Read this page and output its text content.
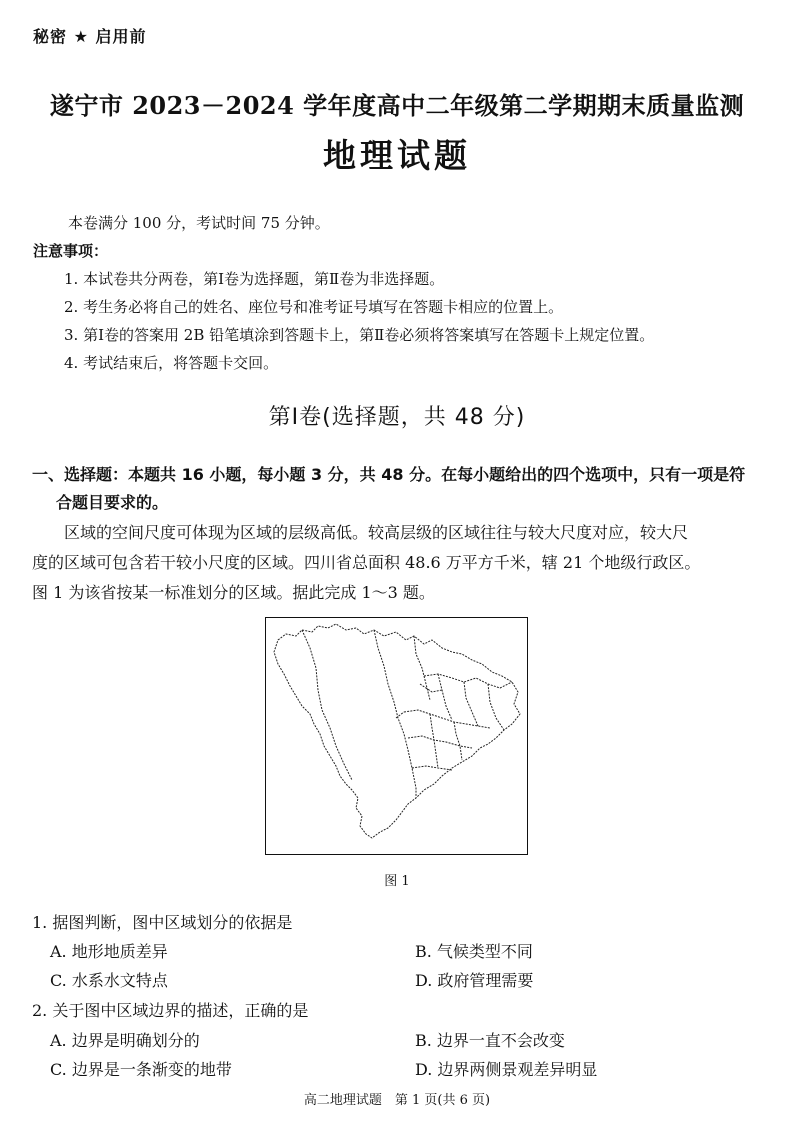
秘密 ★ 启用前
遂宁市 2023－2024 学年度高中二年级第二学期期末质量监测
地理试题
本卷满分 100 分，考试时间 75 分钟。
注意事项：
1. 本试卷共分两卷，第Ⅰ卷为选择题，第Ⅱ卷为非选择题。
2. 考生务必将自己的姓名、座位号和准考证号填写在答题卡相应的位置上。
3. 第Ⅰ卷的答案用 2B 铅笔填涂到答题卡上，第Ⅱ卷必须将答案填写在答题卡上规定位置。
4. 考试结束后，将答题卡交回。
第Ⅰ卷(选择题，共 48 分)
一、选择题：本题共 16 小题，每小题 3 分，共 48 分。在每小题给出的四个选项中，只有一项是符
合题目要求的。
区域的空间尺度可体现为区域的层级高低。较高层级的区域往往与较大尺度对应，较大尺
度的区域可包含若干较小尺度的区域。四川省总面积 48.6 万平方千米，辖 21 个地级行政区。
图 1 为该省按某一标准划分的区域。据此完成 1～3 题。
图 1
1. 据图判断，图中区域划分的依据是
A. 地形地质差异	B. 气候类型不同
C. 水系水文特点	D. 政府管理需要
2. 关于图中区域边界的描述，正确的是
A. 边界是明确划分的	B. 边界一直不会改变
C. 边界是一条渐变的地带	D. 边界两侧景观差异明显
高二地理试题　第 1 页(共 6 页)
